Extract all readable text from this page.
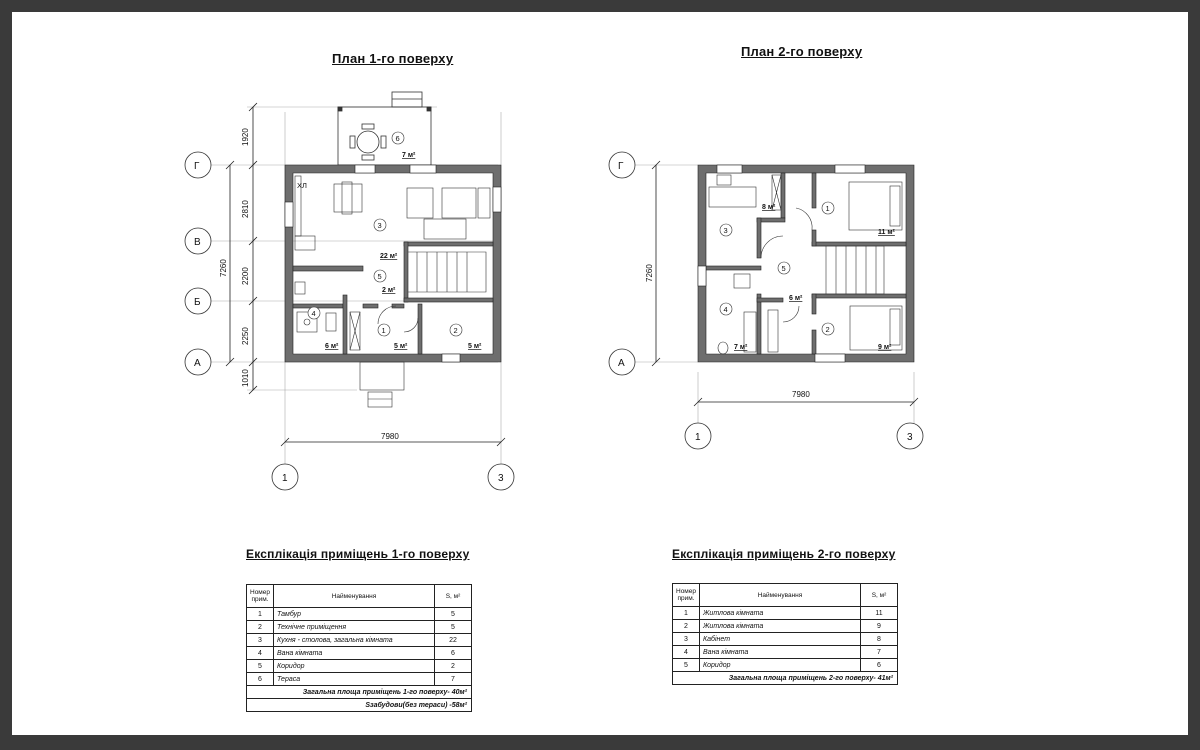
План 1-го поверху	План 2-го поверху
1920
2810
2200
2250
1010
7260
7980
Г
В
Б
А
1	3
ХЛ
6
3
5
4
1	2
7 м²
22 м²
2 м²
6 м²	5 м²	5 м²
7260
7980
Г
А
1	3
1
2
3
4
5
8 м²
11 м²
6 м²
7 м²	9 м²
Експлікація приміщень 1-го поверху	Експлікація приміщень 2-го поверху
Номер прим.	Найменування	S, м²
1	Тамбур	5
2	Технічне приміщення	5
3	Кухня - столова, загальна кімната	22
4	Вана кімната	6
5	Коридор	2
6	Тераса	7
Загальна площа приміщень 1-го поверху- 40м²		
Sзабудови(без тераси) -58м²		
Номер прим.	Найменування	S, м²
1	Житлова кімната	11
2	Житлова кімната	9
3	Кабінет	8
4	Вана кімната	7
5	Коридор	6
Загальна площа приміщень 2-го поверху- 41м²		
